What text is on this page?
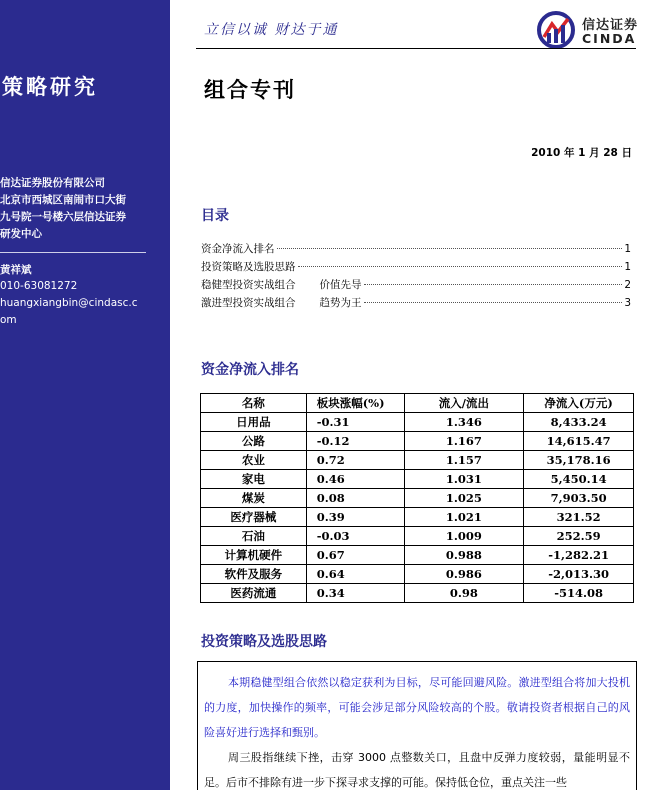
策略研究
信达证券股份有限公司
北京市西城区南闹市口大街
九号院一号楼六层信达证券
研发中心
黄祥斌
010-63081272
huangxiangbin@cindasc.c
om
立信以诚 财达于通	信达证券
CINDA
组合专刊
2010 年 1 月 28 日
目录
资金净流入排名	1
投资策略及选股思路	1
稳健型投资实战组合 价值先导	2
激进型投资实战组合 趋势为王	3
资金净流入排名
名称	板块涨幅(%)	流入/流出	净流入(万元)
日用品	-0.31	1.346	8,433.24
公路	-0.12	1.167	14,615.47
农业	0.72	1.157	35,178.16
家电	0.46	1.031	5,450.14
煤炭	0.08	1.025	7,903.50
医疗器械	0.39	1.021	321.52
石油	-0.03	1.009	252.59
计算机硬件	0.67	0.988	-1,282.21
软件及服务	0.64	0.986	-2,013.30
医药流通	0.34	0.98	-514.08
投资策略及选股思路

本期稳健型组合依然以稳定获利为目标，尽可能回避风险。激进型组合将加大投机的力度，加快操作的频率，可能会涉足部分风险较高的个股。敬请投资者根据自己的风险喜好进行选择和甄别。

周三股指继续下挫，击穿 3000 点整数关口，且盘中反弹力度较弱，量能明显不足。后市不排除有进一步下探寻求支撑的可能。保持低仓位，重点关注一些
